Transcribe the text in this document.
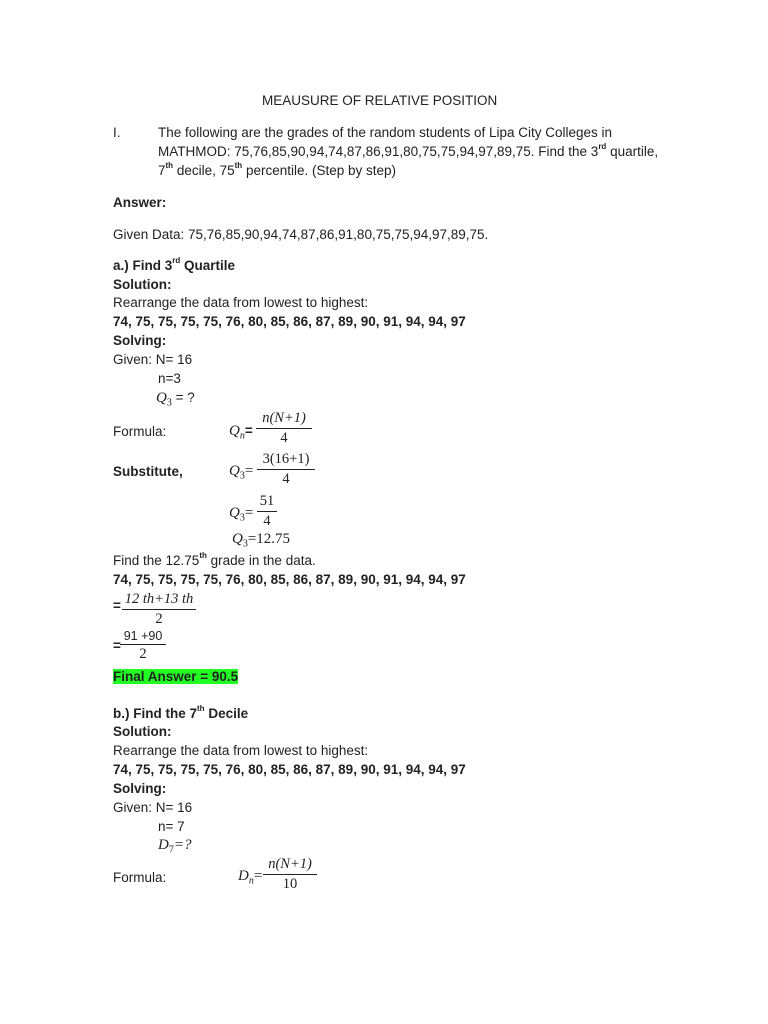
MEAUSURE OF RELATIVE POSITION
I.	The following are the grades of the random students of Lipa City Colleges in
MATHMOD: 75,76,85,90,94,74,87,86,91,80,75,75,94,97,89,75. Find the 3rd quartile,
7th decile, 75th percentile. (Step by step)
Answer:
Given Data: 75,76,85,90,94,74,87,86,91,80,75,75,94,97,89,75.
a.) Find 3rd Quartile
Solution:
Rearrange the data from lowest to highest:
74, 75, 75, 75, 75, 76, 80, 85, 86, 87, 89, 90, 91, 94, 94, 97
Solving:
Given: N= 16
n=3
$Q_3$ = ?
Formula:	$Q_n=$
n(N+1)
4
Substitute,	$Q_3=$
3(16+1)
4
$Q_3=$
51
4
$Q_3=12.75$
Find the 12.75th grade in the data.
74, 75, 75, 75, 75, 76, 80, 85, 86, 87, 89, 90, 91, 94, 94, 97
= 12 th+13 th
2
=
91 +90
2
Final Answer = 90.5
b.) Find the 7th Decile
Solution:
Rearrange the data from lowest to highest:
74, 75, 75, 75, 75, 76, 80, 85, 86, 87, 89, 90, 91, 94, 94, 97
Solving:
Given: N= 16
n= 7
$D_7=$?
Formula:	$D_n=$
n(N+1)
10
